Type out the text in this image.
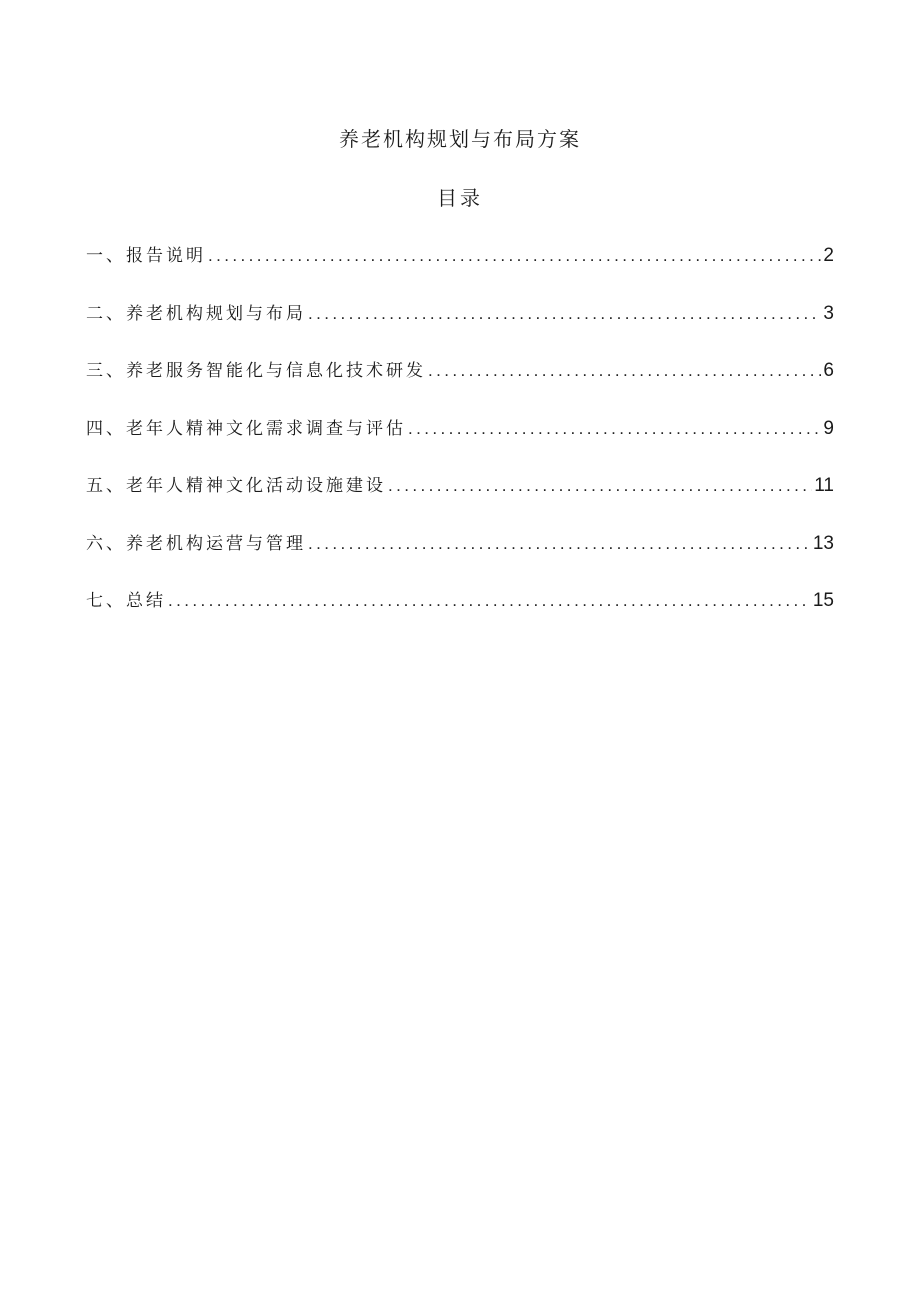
养老机构规划与布局方案
目录
一、报告说明 .....	2
二、养老机构规划与布局 .....	3
三、养老服务智能化与信息化技术研发 .....	6
四、老年人精神文化需求调查与评估 .....	9
五、老年人精神文化活动设施建设 .....	11
六、养老机构运营与管理 .....	13
七、总结 .....	15
